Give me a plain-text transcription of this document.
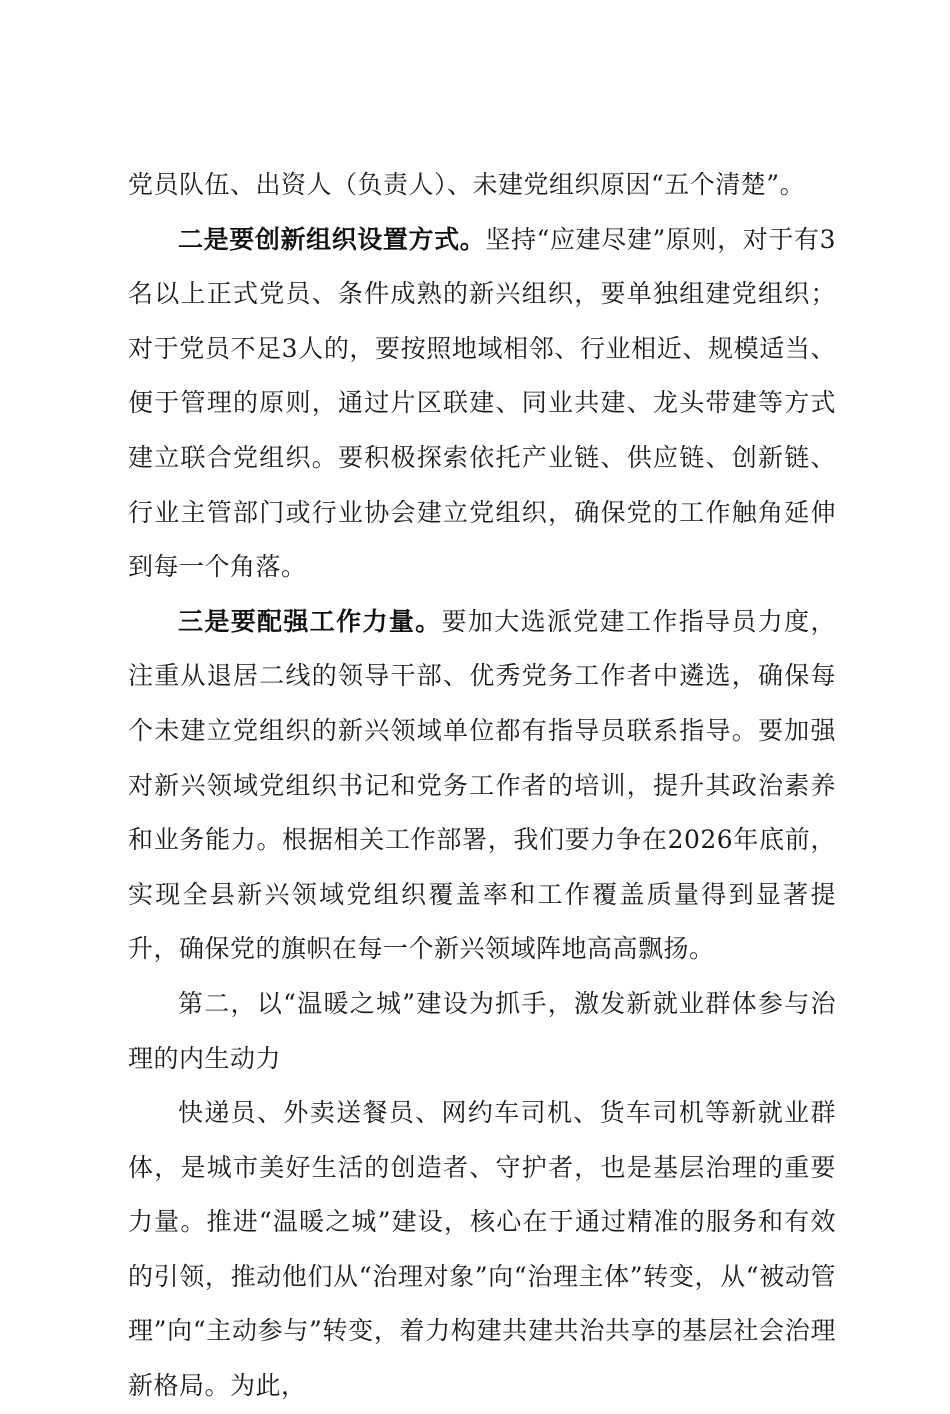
党员队伍、出资人（负责人）、未建党组织原因“五个清楚”。

二是要创新组织设置方式。坚持“应建尽建”原则，对于有3名以上正式党员、条件成熟的新兴组织，要单独组建党组织；对于党员不足3人的，要按照地域相邻、行业相近、规模适当、便于管理的原则，通过片区联建、同业共建、龙头带建等方式建立联合党组织。要积极探索依托产业链、供应链、创新链、行业主管部门或行业协会建立党组织，确保党的工作触角延伸到每一个角落。

三是要配强工作力量。要加大选派党建工作指导员力度，注重从退居二线的领导干部、优秀党务工作者中遴选，确保每个未建立党组织的新兴领域单位都有指导员联系指导。要加强对新兴领域党组织书记和党务工作者的培训，提升其政治素养和业务能力。根据相关工作部署，我们要力争在2026年底前，实现全县新兴领域党组织覆盖率和工作覆盖质量得到显著提升，确保党的旗帜在每一个新兴领域阵地高高飘扬。

第二，以“温暖之城”建设为抓手，激发新就业群体参与治理的内生动力

快递员、外卖送餐员、网约车司机、货车司机等新就业群体，是城市美好生活的创造者、守护者，也是基层治理的重要力量。推进“温暖之城”建设，核心在于通过精准的服务和有效的引领，推动他们从“治理对象”向“治理主体”转变，从“被动管理”向“主动参与”转变，着力构建共建共治共享的基层社会治理新格局。为此，
